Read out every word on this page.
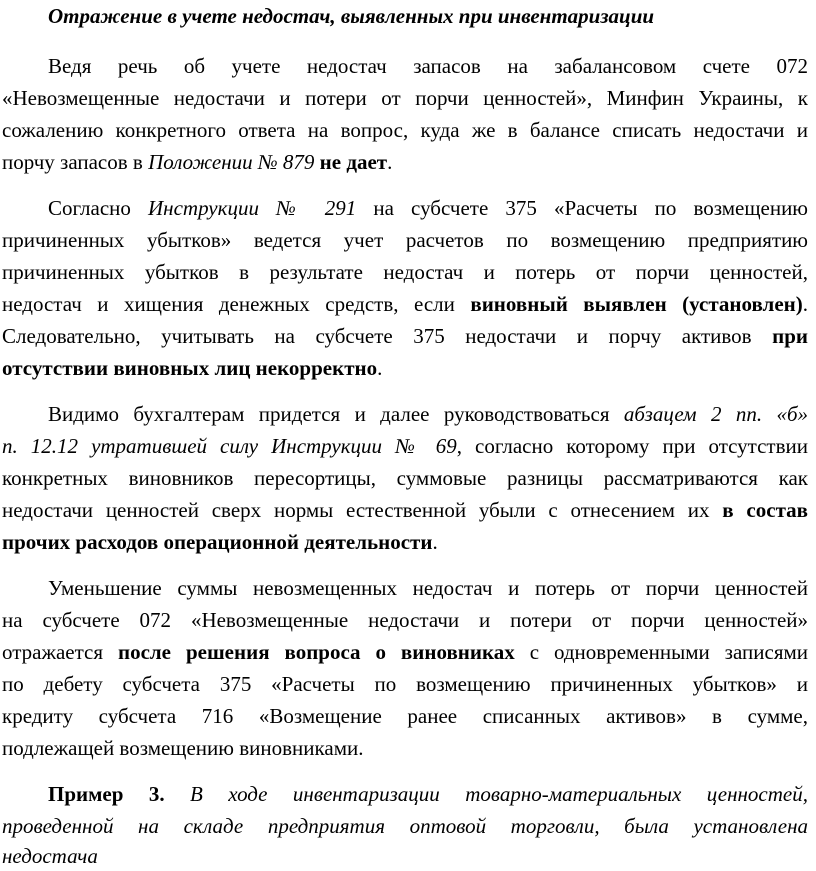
Отражение в учете недостач, выявленных при инвентаризации
Ведя речь об учете недостач запасов на забалансовом счете 072
«Невозмещенные недостачи и потери от порчи ценностей», Минфин Украины, к
сожалению конкретного ответа на вопрос, куда же в балансе списать недостачи и
порчу запасов в Положении № 879 не дает.
Согласно Инструкции № 291 на субсчете 375 «Расчеты по возмещению
причиненных убытков» ведется учет расчетов по возмещению предприятию
причиненных убытков в результате недостач и потерь от порчи ценностей,
недостач и хищения денежных средств, если виновный выявлен (установлен).
Следовательно, учитывать на субсчете 375 недостачи и порчу активов при
отсутствии виновных лиц некорректно.
Видимо бухгалтерам придется и далее руководствоваться абзацем 2 пп. «б»
п. 12.12 утратившей силу Инструкции № 69, согласно которому при отсутствии
конкретных виновников пересортицы, суммовые разницы рассматриваются как
недостачи ценностей сверх нормы естественной убыли с отнесением их в состав
прочих расходов операционной деятельности.
Уменьшение суммы невозмещенных недостач и потерь от порчи ценностей
на субсчете 072 «Невозмещенные недостачи и потери от порчи ценностей»
отражается после решения вопроса о виновниках с одновременными записями
по дебету субсчета 375 «Расчеты по возмещению причиненных убытков» и
кредиту субсчета 716 «Возмещение ранее списанных активов» в сумме,
подлежащей возмещению виновниками.
Пример 3. В ходе инвентаризации товарно-материальных ценностей,
проведенной на складе предприятия оптовой торговли, была установлена
недостача
